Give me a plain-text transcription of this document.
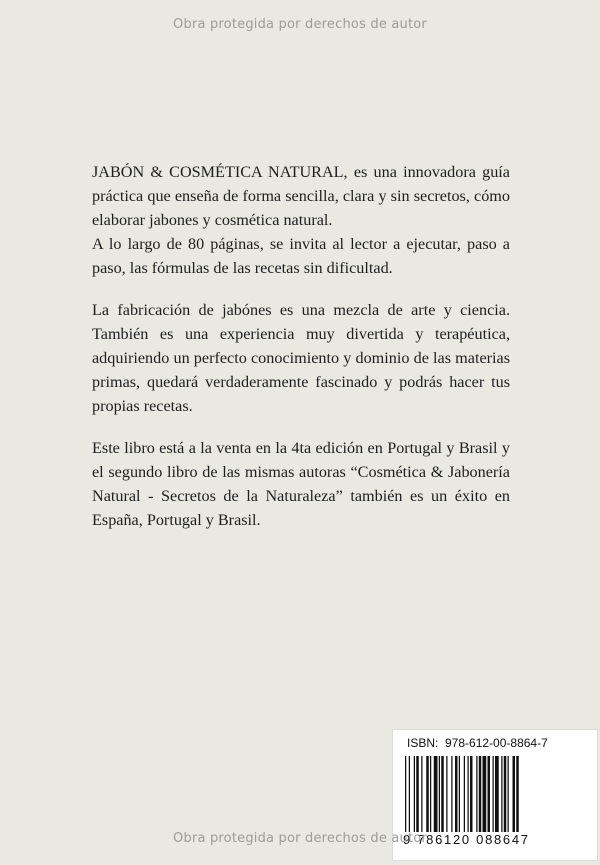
Obra protegida por derechos de autor

JABÓN & COSMÉTICA NATURAL, es una innovadora guía práctica que enseña de forma sencilla, clara y sin secretos, cómo elaborar jabones y cosmética natural.

A lo largo de 80 páginas, se invita al lector a ejecutar, paso a paso, las fórmulas de las recetas sin dificultad.

La fabricación de jabónes es una mezcla de arte y ciencia. También es una experiencia muy divertida y terapéutica, adquiriendo un perfecto conocimiento y dominio de las materias primas, quedará verdaderamente fascinado y podrás hacer tus propias recetas.

Este libro está a la venta en la 4ta edición en Portugal y Brasil y el segundo libro de las mismas autoras “Cosmética & Jabonería Natural - Secretos de la Naturaleza” también es un éxito en España, Portugal y Brasil.

ISBN:  978-612-00-8864-7
9 786120 088647
Obra protegida por derechos de autor
